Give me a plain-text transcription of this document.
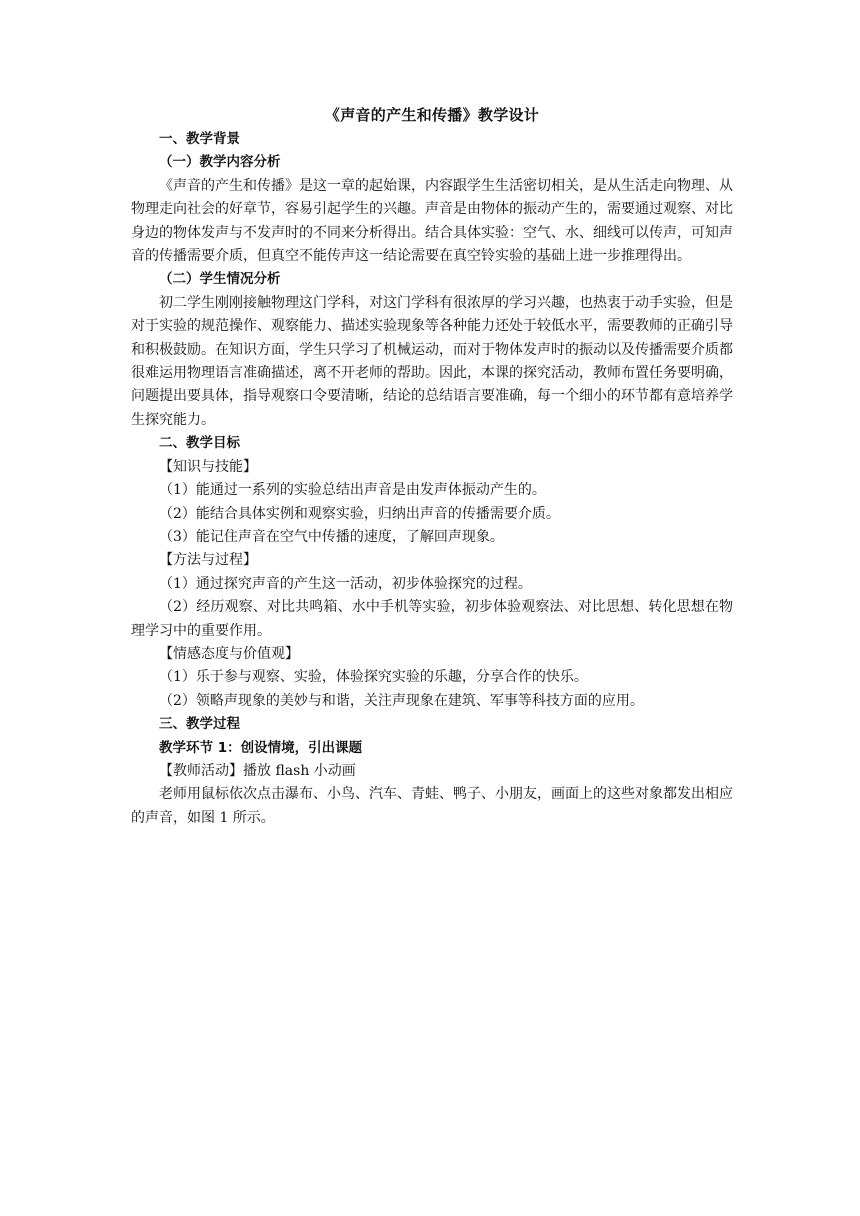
《声音的产生和传播》教学设计

一、教学背景

（一）教学内容分析

《声音的产生和传播》是这一章的起始课，内容跟学生生活密切相关，是从生活走向物理、从物理走向社会的好章节，容易引起学生的兴趣。声音是由物体的振动产生的，需要通过观察、对比身边的物体发声与不发声时的不同来分析得出。结合具体实验：空气、水、细线可以传声，可知声音的传播需要介质，但真空不能传声这一结论需要在真空铃实验的基础上进一步推理得出。

（二）学生情况分析

初二学生刚刚接触物理这门学科，对这门学科有很浓厚的学习兴趣，也热衷于动手实验，但是对于实验的规范操作、观察能力、描述实验现象等各种能力还处于较低水平，需要教师的正确引导和积极鼓励。在知识方面，学生只学习了机械运动，而对于物体发声时的振动以及传播需要介质都很难运用物理语言准确描述，离不开老师的帮助。因此，本课的探究活动，教师布置任务要明确，问题提出要具体，指导观察口令要清晰，结论的总结语言要准确，每一个细小的环节都有意培养学生探究能力。

二、教学目标

【知识与技能】

（1）能通过一系列的实验总结出声音是由发声体振动产生的。

（2）能结合具体实例和观察实验，归纳出声音的传播需要介质。

（3）能记住声音在空气中传播的速度，了解回声现象。

【方法与过程】

（1）通过探究声音的产生这一活动，初步体验探究的过程。

（2）经历观察、对比共鸣箱、水中手机等实验，初步体验观察法、对比思想、转化思想在物理学习中的重要作用。

【情感态度与价值观】

（1）乐于参与观察、实验，体验探究实验的乐趣，分享合作的快乐。

（2）领略声现象的美妙与和谐，关注声现象在建筑、军事等科技方面的应用。

三、教学过程

教学环节 1：创设情境，引出课题

【教师活动】播放 flash 小动画

老师用鼠标依次点击瀑布、小鸟、汽车、青蛙、鸭子、小朋友，画面上的这些对象都发出相应的声音，如图 1 所示。
